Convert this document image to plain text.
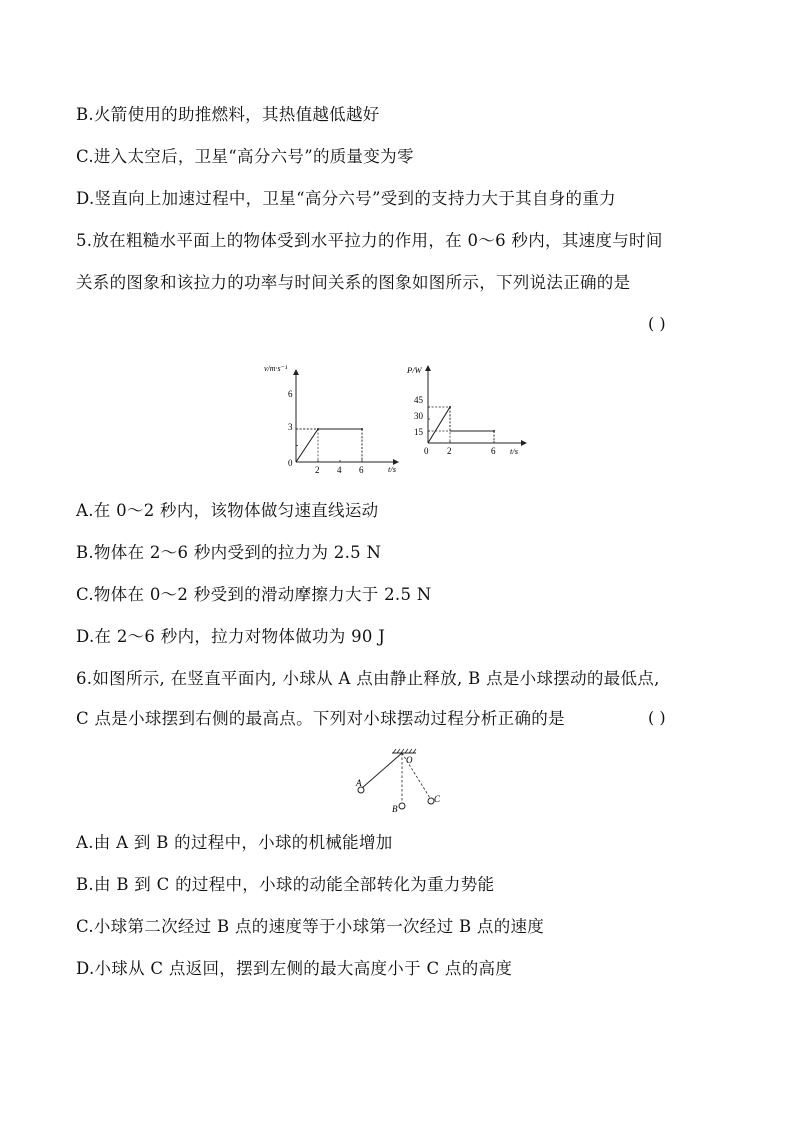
B.火箭使用的助推燃料，其热值越低越好
C.进入太空后，卫星“高分六号”的质量变为零
D.竖直向上加速过程中，卫星“高分六号”受到的支持力大于其自身的重力
5.放在粗糙水平面上的物体受到水平拉力的作用，在 0～6 秒内，其速度与时间
关系的图象和该拉力的功率与时间关系的图象如图所示，下列说法正确的是
( )
v/m·s⁻¹
t/s
0
2 4 6
3
6
P/W
t/s
0 2	6
15
30
45
A.在 0～2 秒内，该物体做匀速直线运动
B.物体在 2～6 秒内受到的拉力为 2.5 N
C.物体在 0～2 秒受到的滑动摩擦力大于 2.5 N
D.在 2～6 秒内，拉力对物体做功为 90 J
6.如图所示, 在竖直平面内, 小球从 A 点由静止释放, B 点是小球摆动的最低点,
C 点是小球摆到右侧的最高点。下列对小球摆动过程分析正确的是	( )
O
A
B
C
A.由 A 到 B 的过程中，小球的机械能增加
B.由 B 到 C 的过程中，小球的动能全部转化为重力势能
C.小球第二次经过 B 点的速度等于小球第一次经过 B 点的速度
D.小球从 C 点返回，摆到左侧的最大高度小于 C 点的高度
